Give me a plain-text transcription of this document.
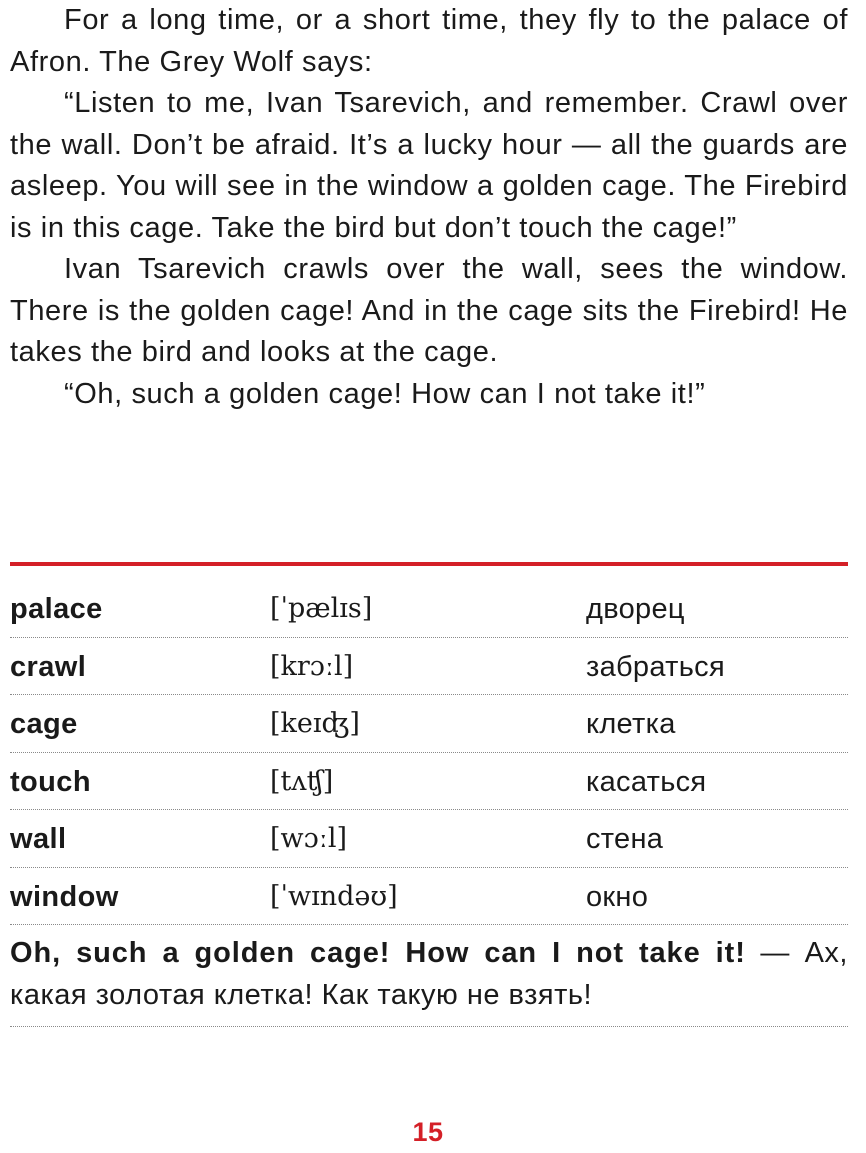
For a long time, or a short time, they fly to the palace of Afron. The Grey Wolf says:

“Listen to me, Ivan Tsarevich, and remember. Crawl over the wall. Don’t be afraid. It’s a lucky hour — all the guards are asleep. You will see in the window a golden cage. The Firebird is in this cage. Take the bird but don’t touch the cage!”

Ivan Tsarevich crawls over the wall, sees the window. There is the golden cage! And in the cage sits the Firebird! He takes the bird and looks at the cage.

“Oh, such a golden cage! How can I not take it!”

palace	[ˈpælɪs]	дворец
crawl	[krɔːl]	забраться
cage	[keɪʤ]	клетка
touch	[tʌʧ]	касаться
wall	[wɔːl]	стена
window	[ˈwɪndəʊ]	окно
Oh, such a golden cage! How can I not take it! — Ах, какая золотая клетка! Как такую не взять!
15
